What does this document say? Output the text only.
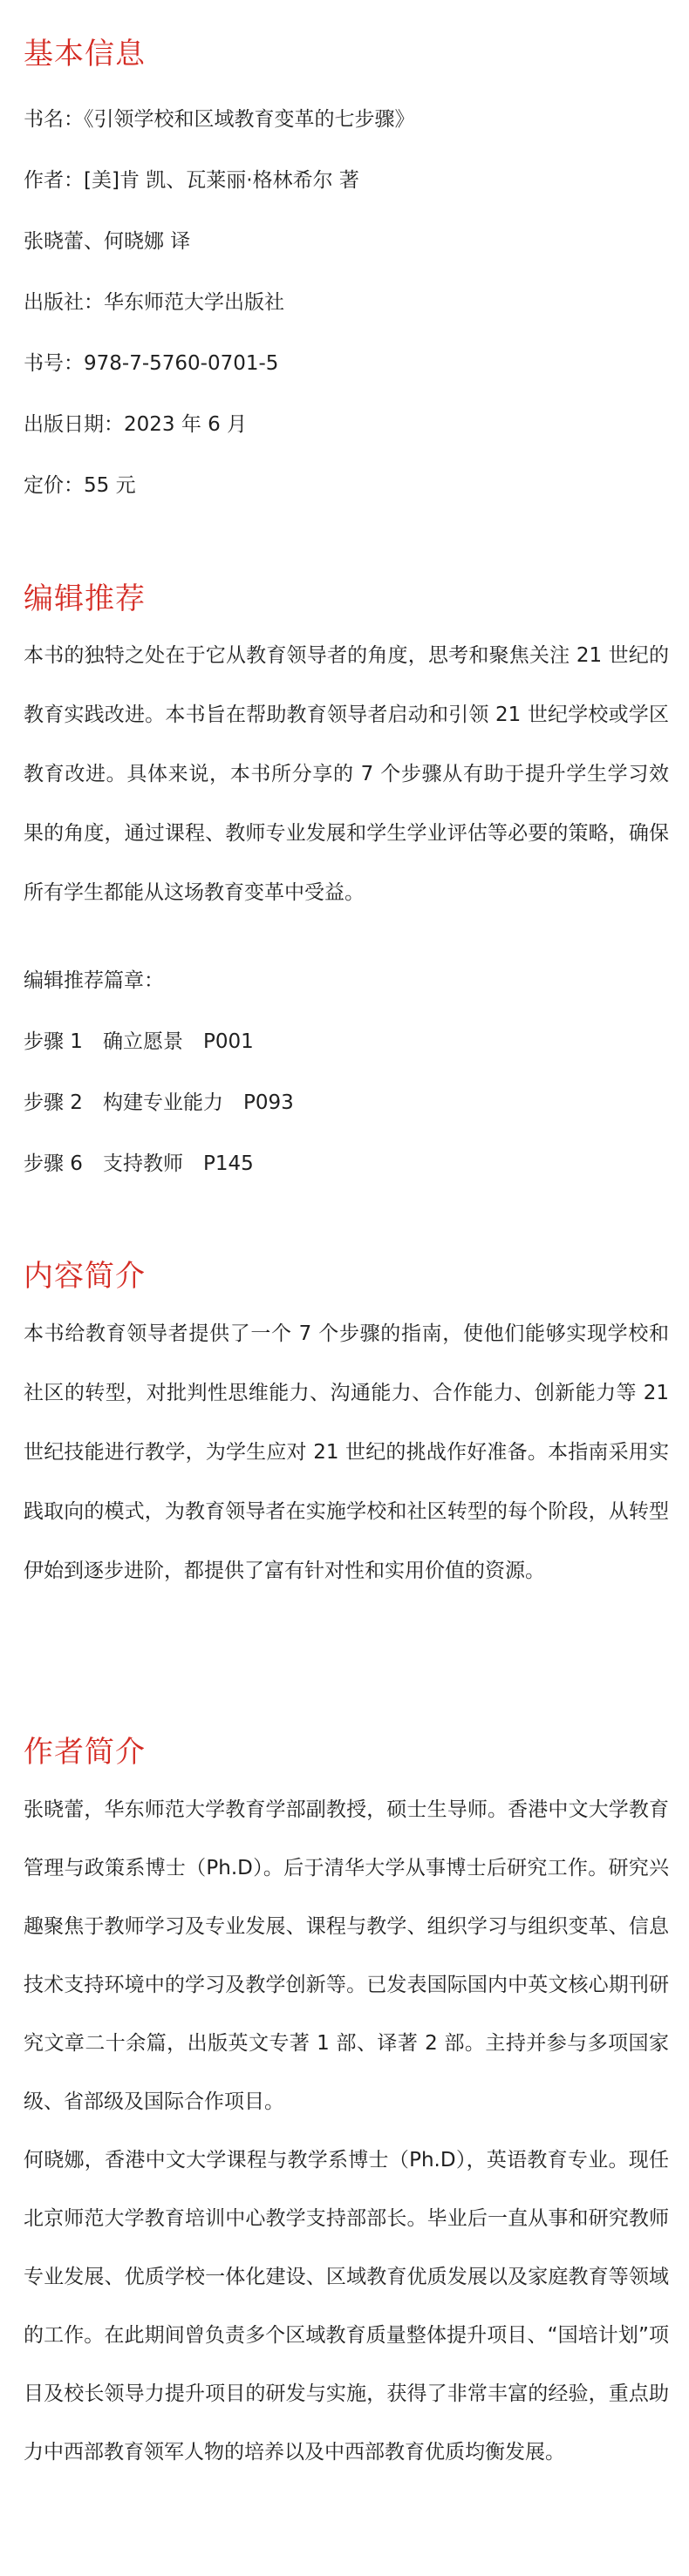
基本信息

书名：《引领学校和区域教育变革的七步骤》

作者：[美]肯 凯、瓦莱丽·格林希尔 著

张晓蕾、何晓娜 译

出版社：华东师范大学出版社

书号：978-7-5760-0701-5

出版日期：2023 年 6 月

定价：55 元

编辑推荐

本书的独特之处在于它从教育领导者的角度，思考和聚焦关注 21 世纪的教育实践改进。本书旨在帮助教育领导者启动和引领 21 世纪学校或学区教育改进。具体来说，本书所分享的 7 个步骤从有助于提升学生学习效果的角度，通过课程、教师专业发展和学生学业评估等必要的策略，确保所有学生都能从这场教育变革中受益。

编辑推荐篇章：

步骤 1　确立愿景　P001

步骤 2　构建专业能力　P093

步骤 6　支持教师　P145

内容简介

本书给教育领导者提供了一个 7 个步骤的指南，使他们能够实现学校和社区的转型，对批判性思维能力、沟通能力、合作能力、创新能力等 21 世纪技能进行教学，为学生应对 21 世纪的挑战作好准备。本指南采用实践取向的模式，为教育领导者在实施学校和社区转型的每个阶段，从转型伊始到逐步进阶，都提供了富有针对性和实用价值的资源。

作者简介

张晓蕾，华东师范大学教育学部副教授，硕士生导师。香港中文大学教育管理与政策系博士（Ph.D）。后于清华大学从事博士后研究工作。研究兴趣聚焦于教师学习及专业发展、课程与教学、组织学习与组织变革、信息技术支持环境中的学习及教学创新等。已发表国际国内中英文核心期刊研究文章二十余篇，出版英文专著 1 部、译著 2 部。主持并参与多项国家级、省部级及国际合作项目。

何晓娜，香港中文大学课程与教学系博士（Ph.D），英语教育专业。现任北京师范大学教育培训中心教学支持部部长。毕业后一直从事和研究教师专业发展、优质学校一体化建设、区域教育优质发展以及家庭教育等领域的工作。在此期间曾负责多个区域教育质量整体提升项目、“国培计划”项目及校长领导力提升项目的研发与实施，获得了非常丰富的经验，重点助力中西部教育领军人物的培养以及中西部教育优质均衡发展。
